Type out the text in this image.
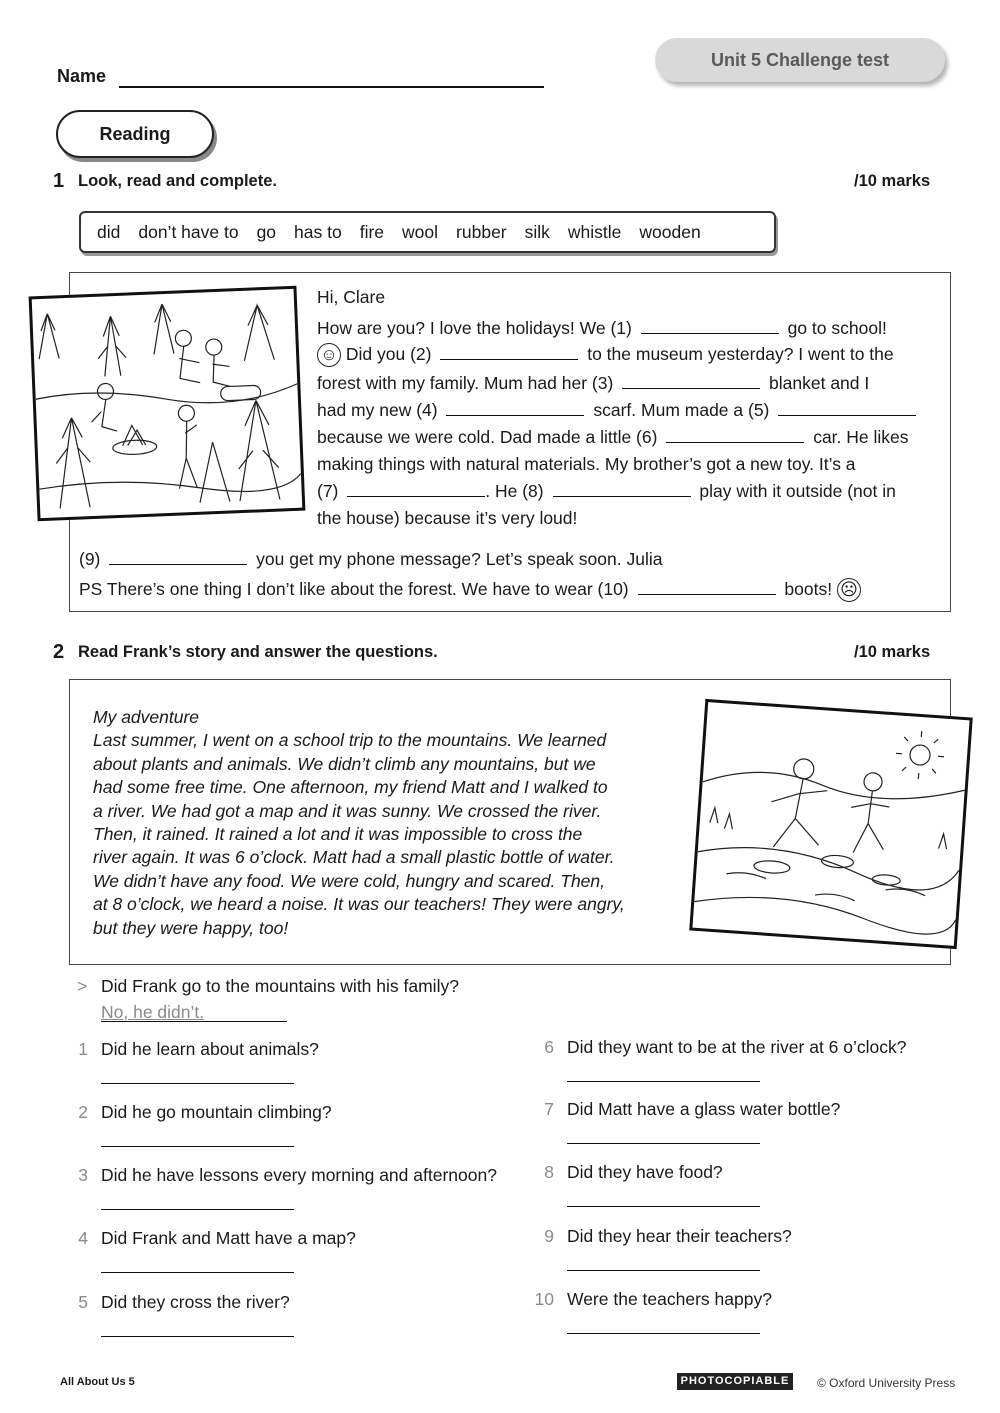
Name
Unit 5 Challenge test
Reading
1 Look, read and complete.	/10 marks
did don’t have to go has to fire wool rubber silk whistle wooden
Hi, Clare
How are you? I love the holidays! We (1)	go to school!
☺ Did you (2)	to the museum yesterday? I went to the
forest with my family. Mum had her (3)	blanket and I
had my new (4)	scarf. Mum made a (5)
because we were cold. Dad made a little (6)	car. He likes
making things with natural materials. My brother’s got a new toy. It’s a
(7)	. He (8)	play with it outside (not in
the house) because it’s very loud!
(9)	you get my phone message? Let’s speak soon. Julia
PS There’s one thing I don’t like about the forest. We have to wear (10)	boots! ☹
2 Read Frank’s story and answer the questions.	/10 marks
My adventure
Last summer, I went on a school trip to the mountains. We learned
about plants and animals. We didn’t climb any mountains, but we
had some free time. One afternoon, my friend Matt and I walked to
a river. We had got a map and it was sunny. We crossed the river.
Then, it rained. It rained a lot and it was impossible to cross the
river again. It was 6 o’clock. Matt had a small plastic bottle of water.
We didn’t have any food. We were cold, hungry and scared. Then,
at 8 o’clock, we heard a noise. It was our teachers! They were angry,
but they were happy, too!
> Did Frank go to the mountains with his family?
No, he didn’t.
1 Did he learn about animals?
2 Did he go mountain climbing?
3 Did he have lessons every morning and afternoon?
4 Did Frank and Matt have a map?
5 Did they cross the river?
6 Did they want to be at the river at 6 o’clock?
7 Did Matt have a glass water bottle?
8 Did they have food?
9 Did they hear their teachers?
10 Were the teachers happy?
All About Us 5	PHOTOCOPIABLE	© Oxford University Press
